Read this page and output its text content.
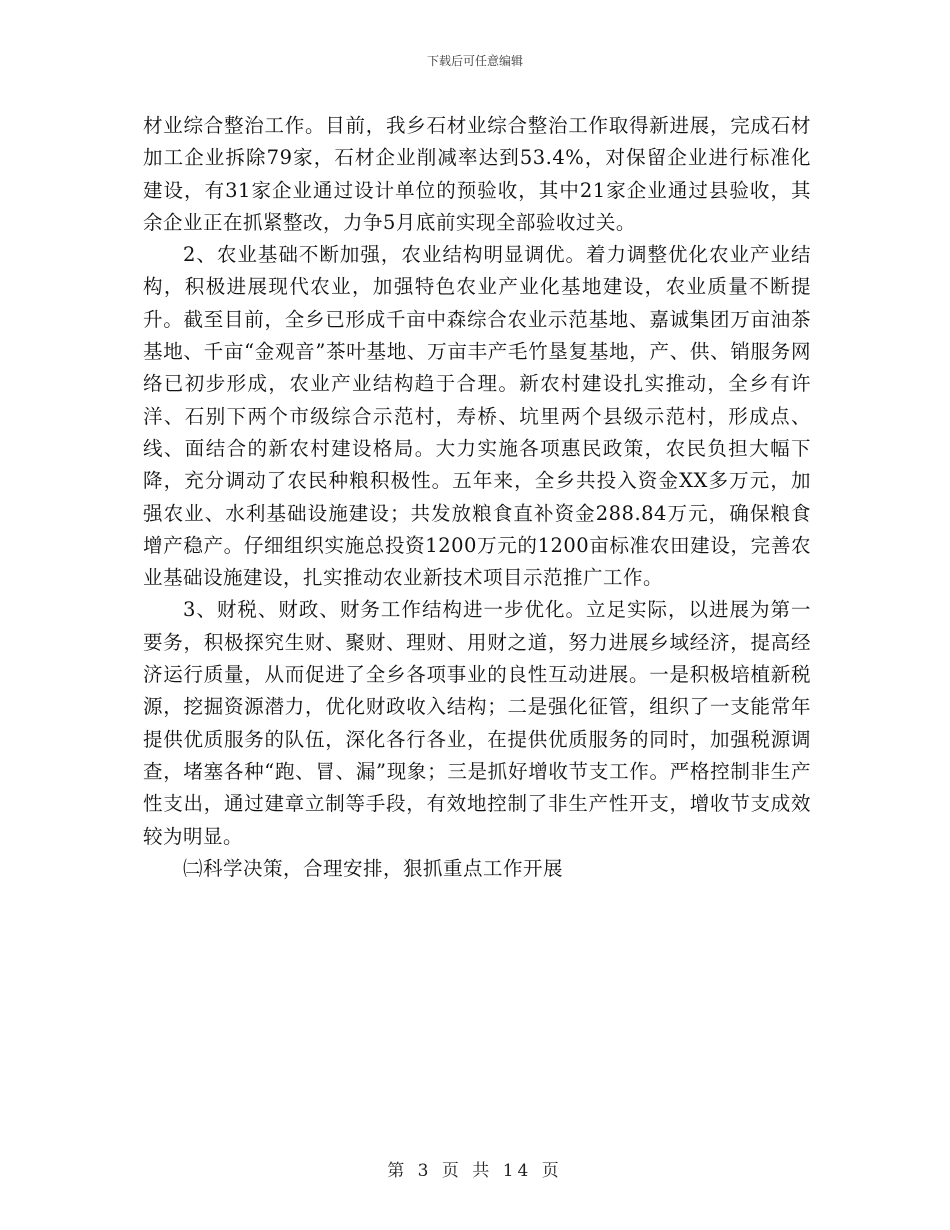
下载后可任意编辑

材业综合整治工作。目前，我乡石材业综合整治工作取得新进展，完成石材加工企业拆除79家，石材企业削减率达到53.4%，对保留企业进行标准化建设，有31家企业通过设计单位的预验收，其中21家企业通过县验收，其余企业正在抓紧整改，力争5月底前实现全部验收过关。

2、农业基础不断加强，农业结构明显调优。着力调整优化农业产业结构，积极进展现代农业，加强特色农业产业化基地建设，农业质量不断提升。截至目前，全乡已形成千亩中森综合农业示范基地、嘉诚集团万亩油茶基地、千亩“金观音”茶叶基地、万亩丰产毛竹垦复基地，产、供、销服务网络已初步形成，农业产业结构趋于合理。新农村建设扎实推动，全乡有许洋、石别下两个市级综合示范村，寿桥、坑里两个县级示范村，形成点、线、面结合的新农村建设格局。大力实施各项惠民政策，农民负担大幅下降，充分调动了农民种粮积极性。五年来，全乡共投入资金XX多万元，加强农业、水利基础设施建设；共发放粮食直补资金288.84万元，确保粮食增产稳产。仔细组织实施总投资1200万元的1200亩标准农田建设，完善农业基础设施建设，扎实推动农业新技术项目示范推广工作。

3、财税、财政、财务工作结构进一步优化。立足实际，以进展为第一要务，积极探究生财、聚财、理财、用财之道，努力进展乡域经济，提高经济运行质量，从而促进了全乡各项事业的良性互动进展。一是积极培植新税源，挖掘资源潜力，优化财政收入结构；二是强化征管，组织了一支能常年提供优质服务的队伍，深化各行各业，在提供优质服务的同时，加强税源调查，堵塞各种“跑、冒、漏”现象；三是抓好增收节支工作。严格控制非生产性支出，通过建章立制等手段，有效地控制了非生产性开支，增收节支成效较为明显。

㈡科学决策，合理安排，狠抓重点工作开展

第 3 页 共 14 页
